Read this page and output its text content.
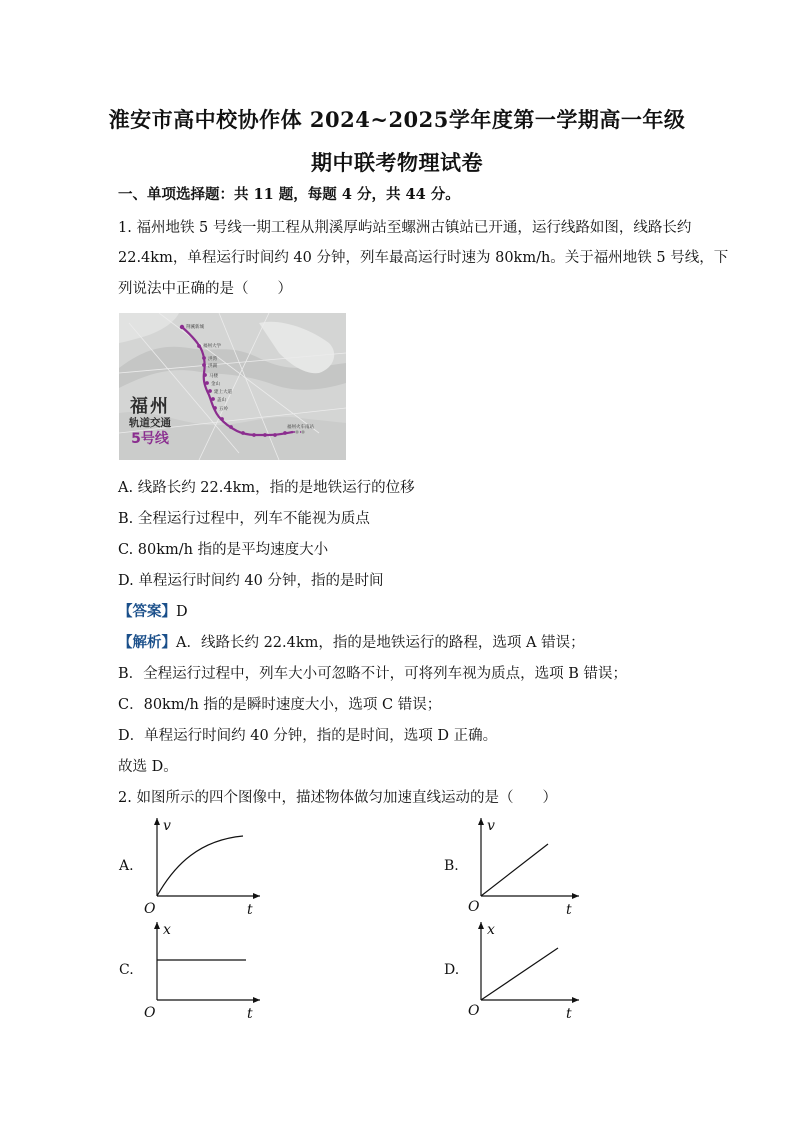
淮安市高中校协作体 2024~2025学年度第一学期高一年级
期中联考物理试卷
一、单项选择题：共 11 题，每题 4 分，共 44 分。
1. 福州地铁 5 号线一期工程从荆溪厚屿站至螺洲古镇站已开通，运行线路如图，线路长约
22.4km，单程运行时间约 40 分钟，列车最高运行时速为 80km/h。关于福州地铁 5 号线，下
列说法中正确的是（　　）
福州
轨道交通
5号线
荆溪新城
福州大学
洪湾
洪湖
马楼
金山
建上大道
盖山
五岭
福州火车南站
A. 线路长约 22.4km，指的是地铁运行的位移
B. 全程运行过程中，列车不能视为质点
C. 80km/h 指的是平均速度大小
D. 单程运行时间约 40 分钟，指的是时间
【答案】D
【解析】A．线路长约 22.4km，指的是地铁运行的路程，选项 A 错误；
B．全程运行过程中，列车大小可忽略不计，可将列车视为质点，选项 B 错误；
C．80km/h 指的是瞬时速度大小，选项 C 错误；
D．单程运行时间约 40 分钟，指的是时间，选项 D 正确。
故选 D。
2. 如图所示的四个图像中，描述物体做匀加速直线运动的是（　　）
A.
v
t
O
B.
v
t
O
C.
x
t
O
D.
x
t
O
